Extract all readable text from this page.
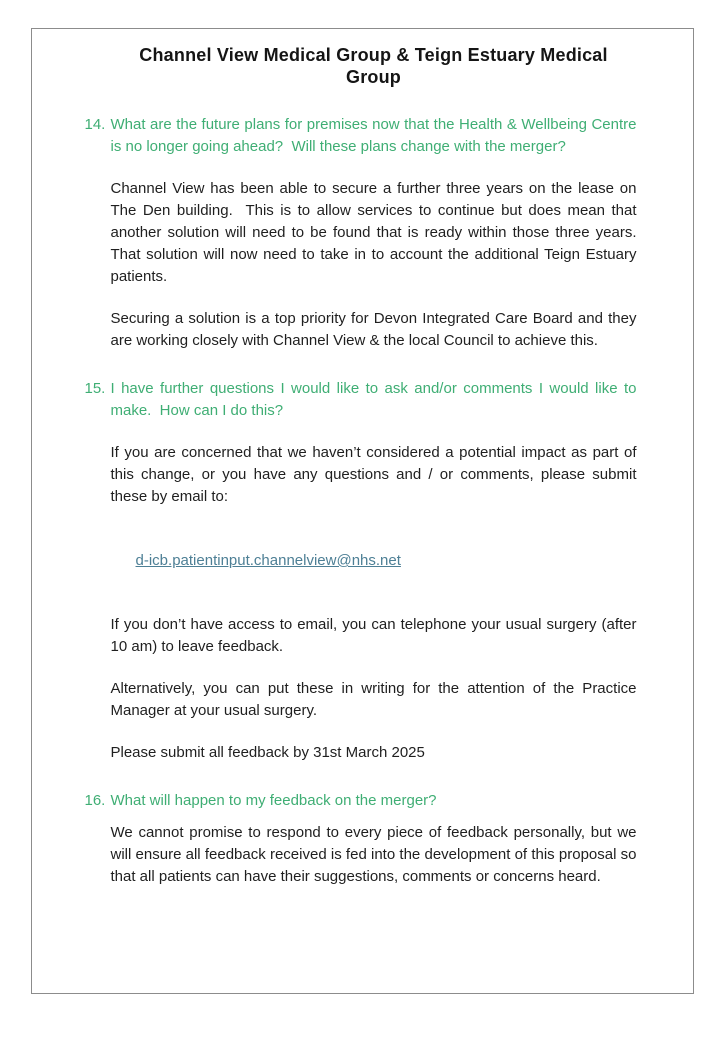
Channel View Medical Group & Teign Estuary Medical Group
14. What are the future plans for premises now that the Health & Wellbeing Centre is no longer going ahead?  Will these plans change with the merger?

Channel View has been able to secure a further three years on the lease on The Den building.  This is to allow services to continue but does mean that another solution will need to be found that is ready within those three years.  That solution will now need to take in to account the additional Teign Estuary patients.

Securing a solution is a top priority for Devon Integrated Care Board and they are working closely with Channel View & the local Council to achieve this.

15. I have further questions I would like to ask and/or comments I would like to make.  How can I do this?

If you are concerned that we haven’t considered a potential impact as part of this change, or you have any questions and / or comments, please submit these by email to:

d-icb.patientinput.channelview@nhs.net

If you don’t have access to email, you can telephone your usual surgery (after 10 am) to leave feedback.

Alternatively, you can put these in writing for the attention of the Practice Manager at your usual surgery.

Please submit all feedback by 31st March 2025

16. What will happen to my feedback on the merger?

We cannot promise to respond to every piece of feedback personally, but we will ensure all feedback received is fed into the development of this proposal so that all patients can have their suggestions, comments or concerns heard.
